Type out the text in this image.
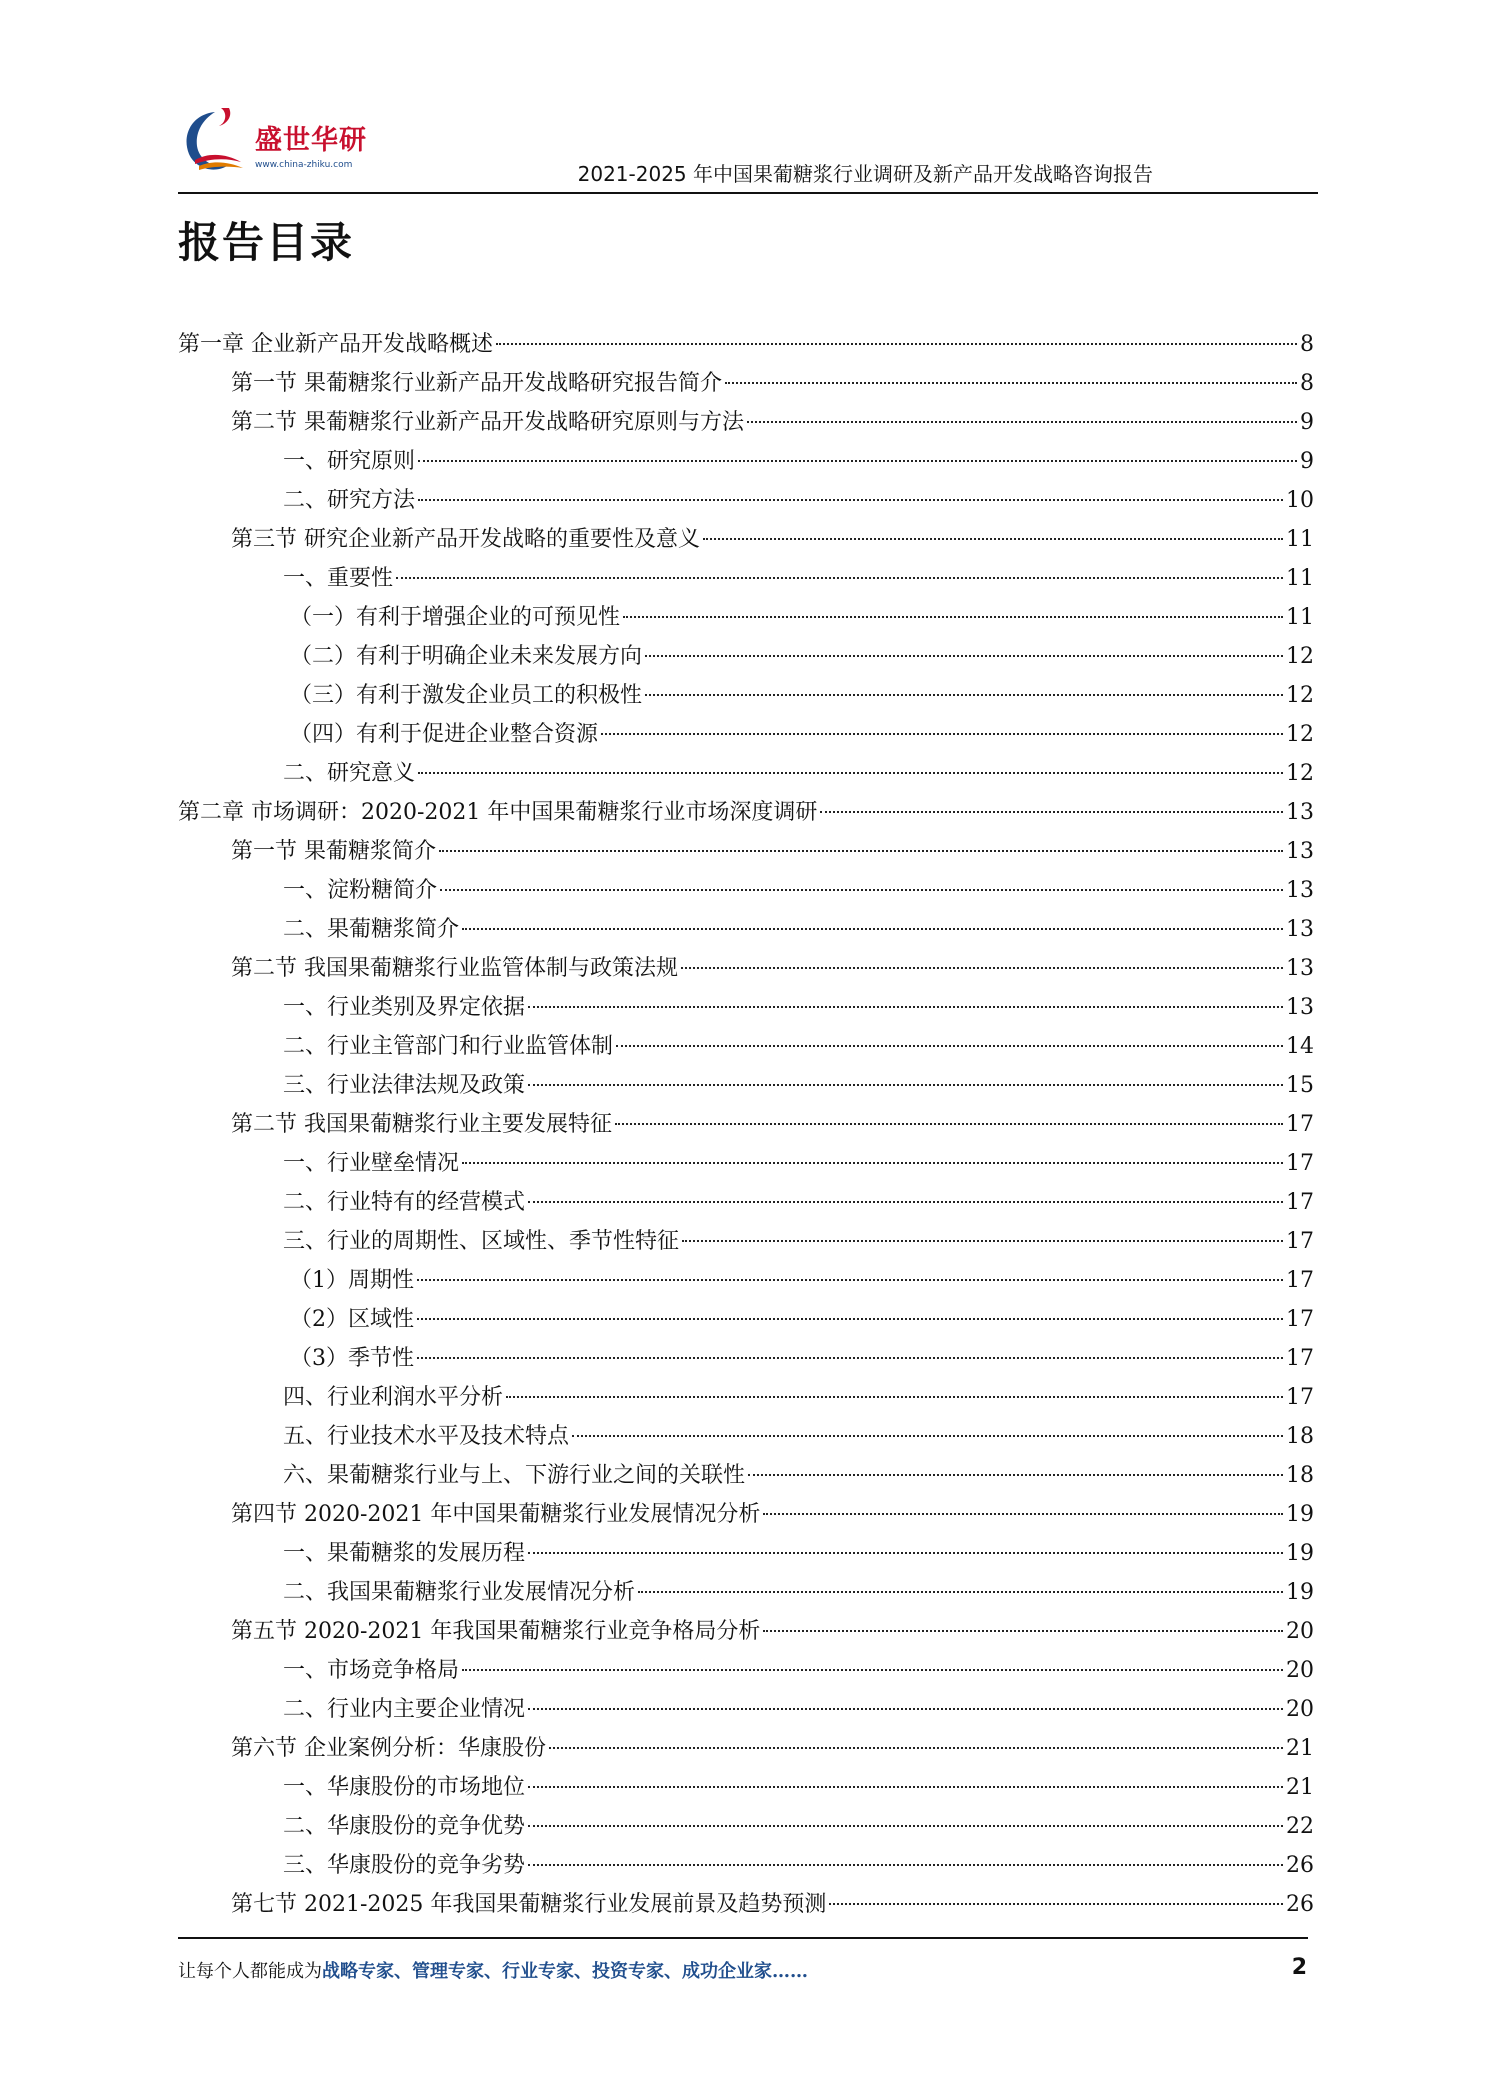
盛世华研
www.china-zhiku.com	2021-2025 年中国果葡糖浆行业调研及新产品开发战略咨询报告
报告目录
第一章 企业新产品开发战略概述	8
第一节 果葡糖浆行业新产品开发战略研究报告简介	8
第二节 果葡糖浆行业新产品开发战略研究原则与方法	9
一、研究原则	9
二、研究方法	10
第三节 研究企业新产品开发战略的重要性及意义	11
一、重要性	11
（一）有利于增强企业的可预见性	11
（二）有利于明确企业未来发展方向	12
（三）有利于激发企业员工的积极性	12
（四）有利于促进企业整合资源	12
二、研究意义	12
第二章 市场调研：2020-2021 年中国果葡糖浆行业市场深度调研	13
第一节 果葡糖浆简介	13
一、淀粉糖简介	13
二、果葡糖浆简介	13
第二节 我国果葡糖浆行业监管体制与政策法规	13
一、行业类别及界定依据	13
二、行业主管部门和行业监管体制	14
三、行业法律法规及政策	15
第二节 我国果葡糖浆行业主要发展特征	17
一、行业壁垒情况	17
二、行业特有的经营模式	17
三、行业的周期性、区域性、季节性特征	17
（1）周期性	17
（2）区域性	17
（3）季节性	17
四、行业利润水平分析	17
五、行业技术水平及技术特点	18
六、果葡糖浆行业与上、下游行业之间的关联性	18
第四节 2020-2021 年中国果葡糖浆行业发展情况分析	19
一、果葡糖浆的发展历程	19
二、我国果葡糖浆行业发展情况分析	19
第五节 2020-2021 年我国果葡糖浆行业竞争格局分析	20
一、市场竞争格局	20
二、行业内主要企业情况	20
第六节 企业案例分析：华康股份	21
一、华康股份的市场地位	21
二、华康股份的竞争优势	22
三、华康股份的竞争劣势	26
第七节 2021-2025 年我国果葡糖浆行业发展前景及趋势预测	26
让每个人都能成为战略专家、管理专家、行业专家、投资专家、成功企业家……	2
